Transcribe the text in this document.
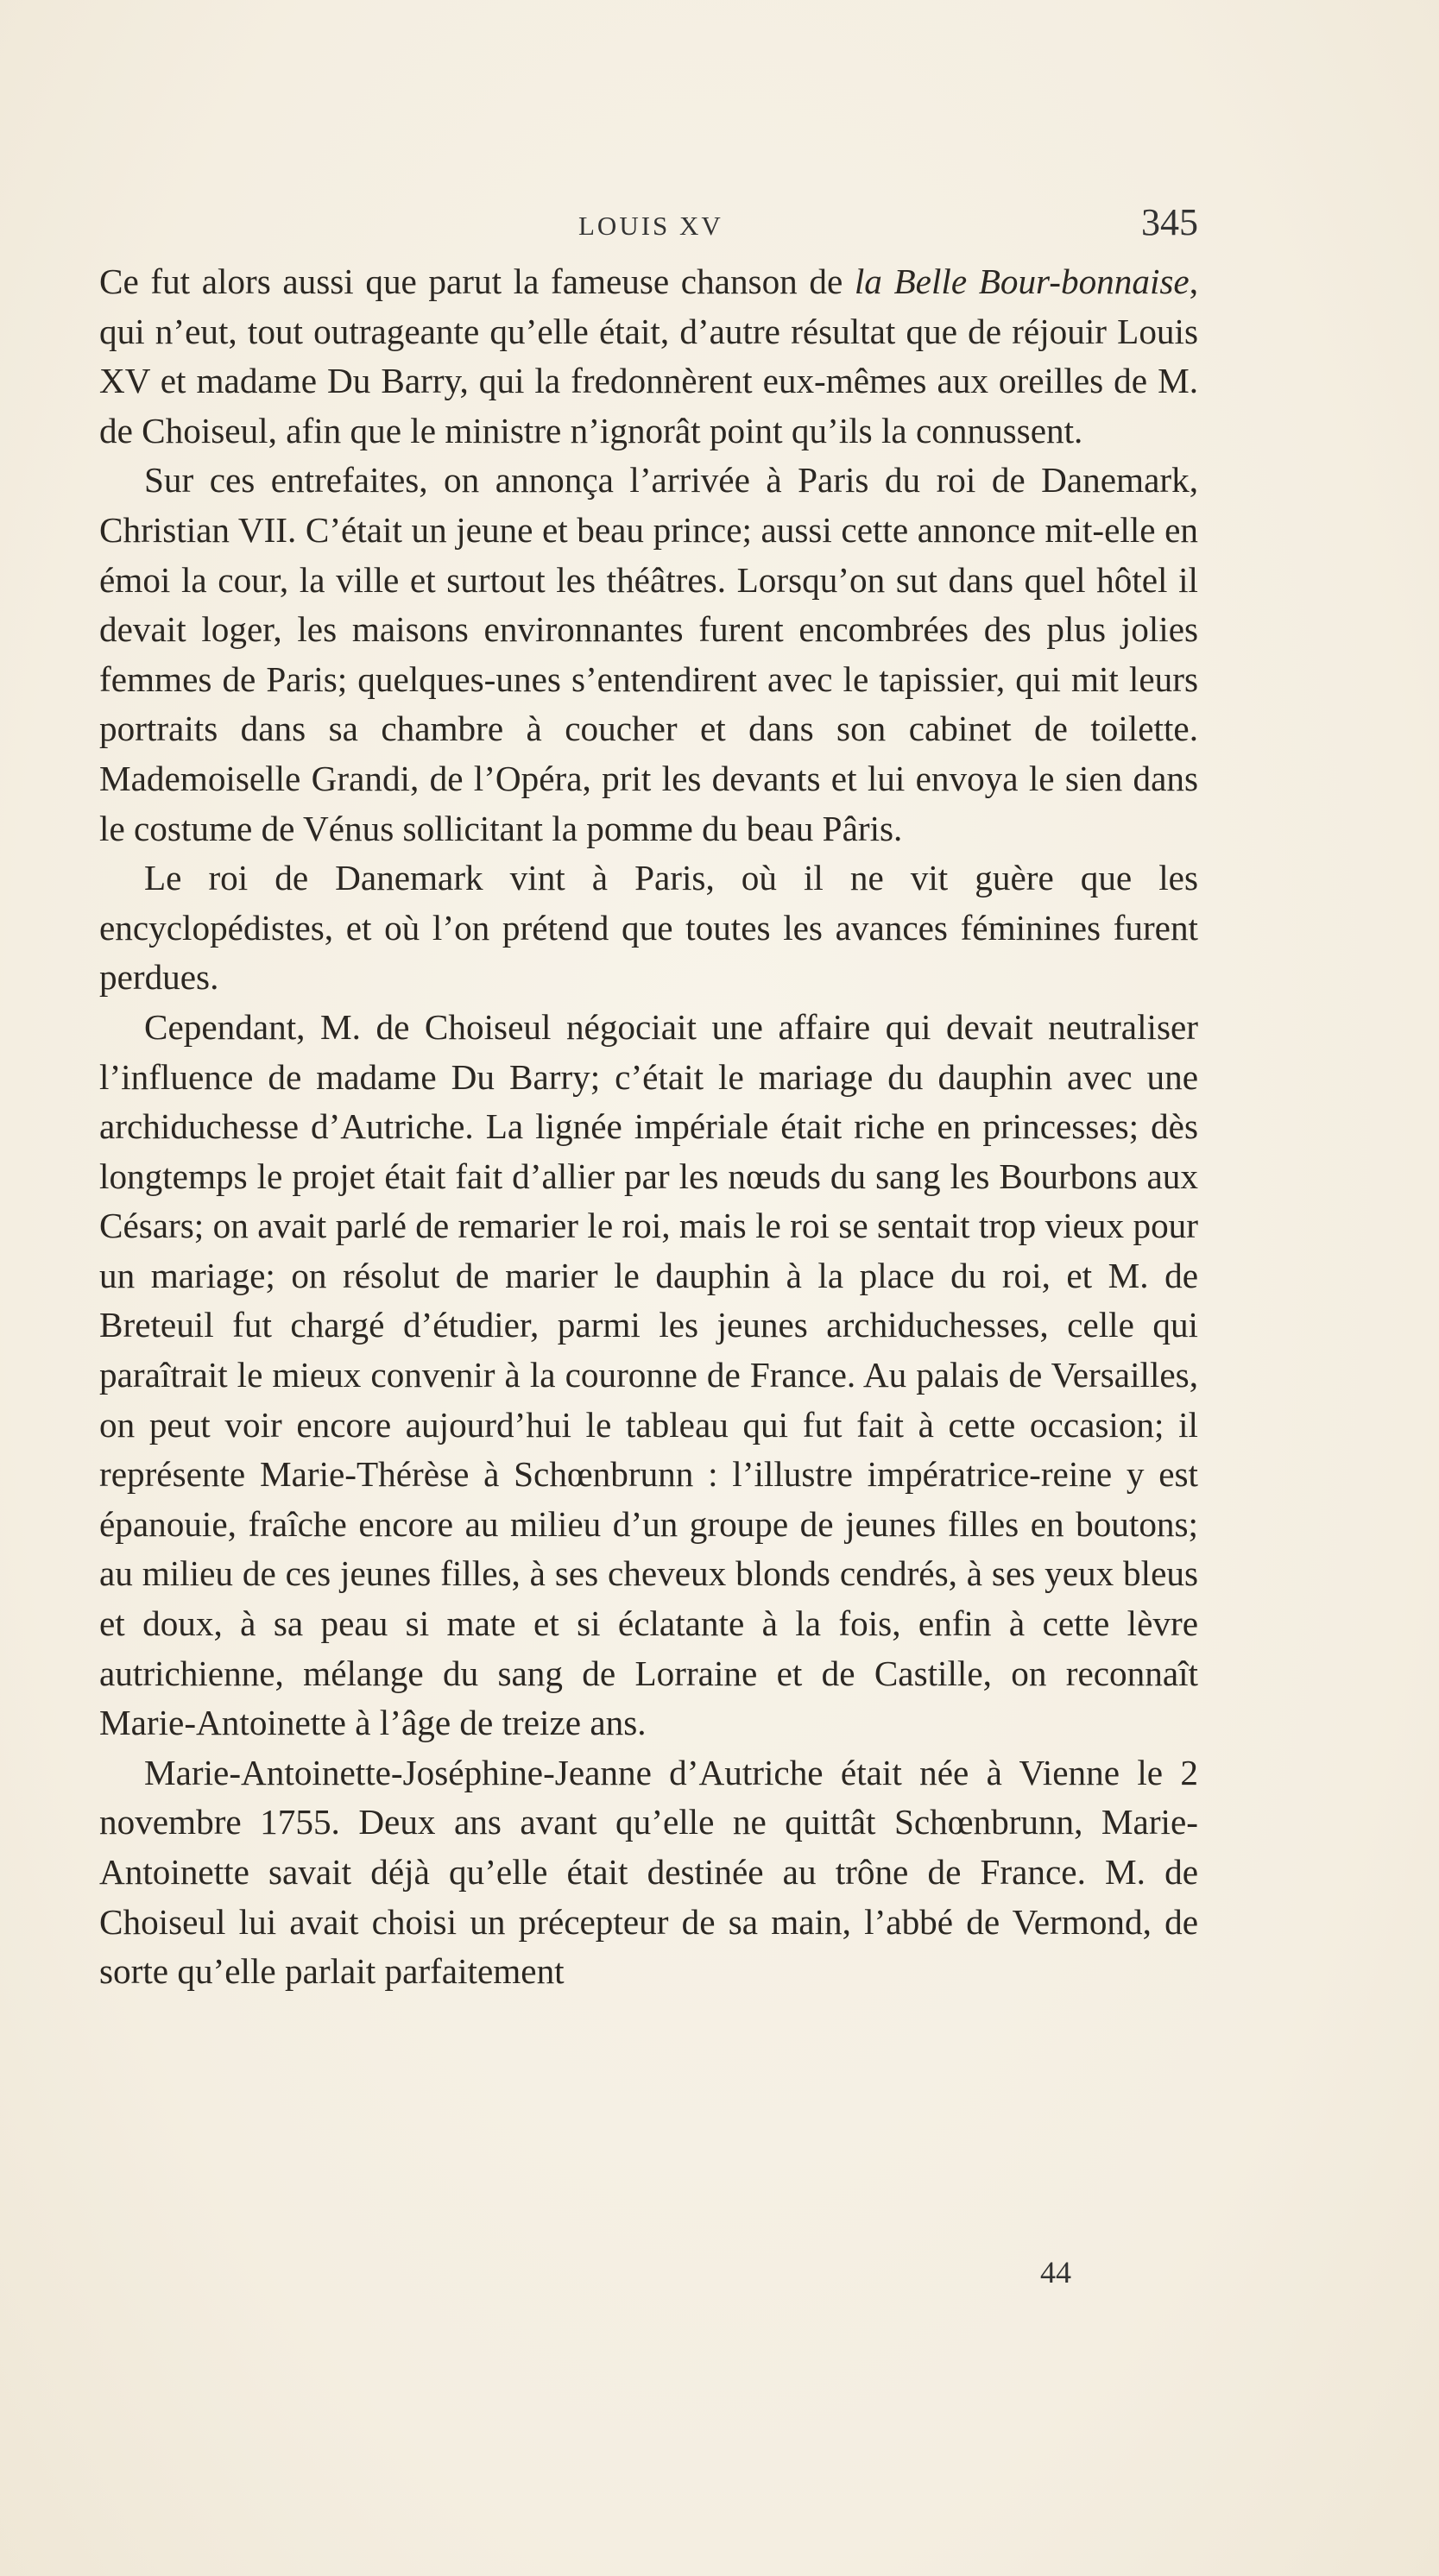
LOUIS XV	345

Ce fut alors aussi que parut la fameuse chanson de la Belle Bour-bonnaise, qui n’eut, tout outrageante qu’elle était, d’autre résultat que de réjouir Louis XV et madame Du Barry, qui la fredonnèrent eux-mêmes aux oreilles de M. de Choiseul, afin que le ministre n’ignorât point qu’ils la connussent.

Sur ces entrefaites, on annonça l’arrivée à Paris du roi de Danemark, Christian VII. C’était un jeune et beau prince; aussi cette annonce mit-elle en émoi la cour, la ville et surtout les théâtres. Lorsqu’on sut dans quel hôtel il devait loger, les maisons environnantes furent encombrées des plus jolies femmes de Paris; quelques-unes s’entendirent avec le tapissier, qui mit leurs portraits dans sa chambre à coucher et dans son cabinet de toilette. Mademoiselle Grandi, de l’Opéra, prit les devants et lui envoya le sien dans le costume de Vénus sollicitant la pomme du beau Pâris.

Le roi de Danemark vint à Paris, où il ne vit guère que les encyclopédistes, et où l’on prétend que toutes les avances féminines furent perdues.

Cependant, M. de Choiseul négociait une affaire qui devait neutraliser l’influence de madame Du Barry; c’était le mariage du dauphin avec une archiduchesse d’Autriche. La lignée impériale était riche en princesses; dès longtemps le projet était fait d’allier par les nœuds du sang les Bourbons aux Césars; on avait parlé de remarier le roi, mais le roi se sentait trop vieux pour un mariage; on résolut de marier le dauphin à la place du roi, et M. de Breteuil fut chargé d’étudier, parmi les jeunes archiduchesses, celle qui paraîtrait le mieux convenir à la couronne de France. Au palais de Versailles, on peut voir encore aujourd’hui le tableau qui fut fait à cette occasion; il représente Marie-Thérèse à Schœnbrunn : l’illustre impératrice-reine y est épanouie, fraîche encore au milieu d’un groupe de jeunes filles en boutons; au milieu de ces jeunes filles, à ses cheveux blonds cendrés, à ses yeux bleus et doux, à sa peau si mate et si éclatante à la fois, enfin à cette lèvre autrichienne, mélange du sang de Lorraine et de Castille, on reconnaît Marie-Antoinette à l’âge de treize ans.

Marie-Antoinette-Joséphine-Jeanne d’Autriche était née à Vienne le 2 novembre 1755. Deux ans avant qu’elle ne quittât Schœnbrunn, Marie-Antoinette savait déjà qu’elle était destinée au trône de France. M. de Choiseul lui avait choisi un précepteur de sa main, l’abbé de Vermond, de sorte qu’elle parlait parfaitement

44
